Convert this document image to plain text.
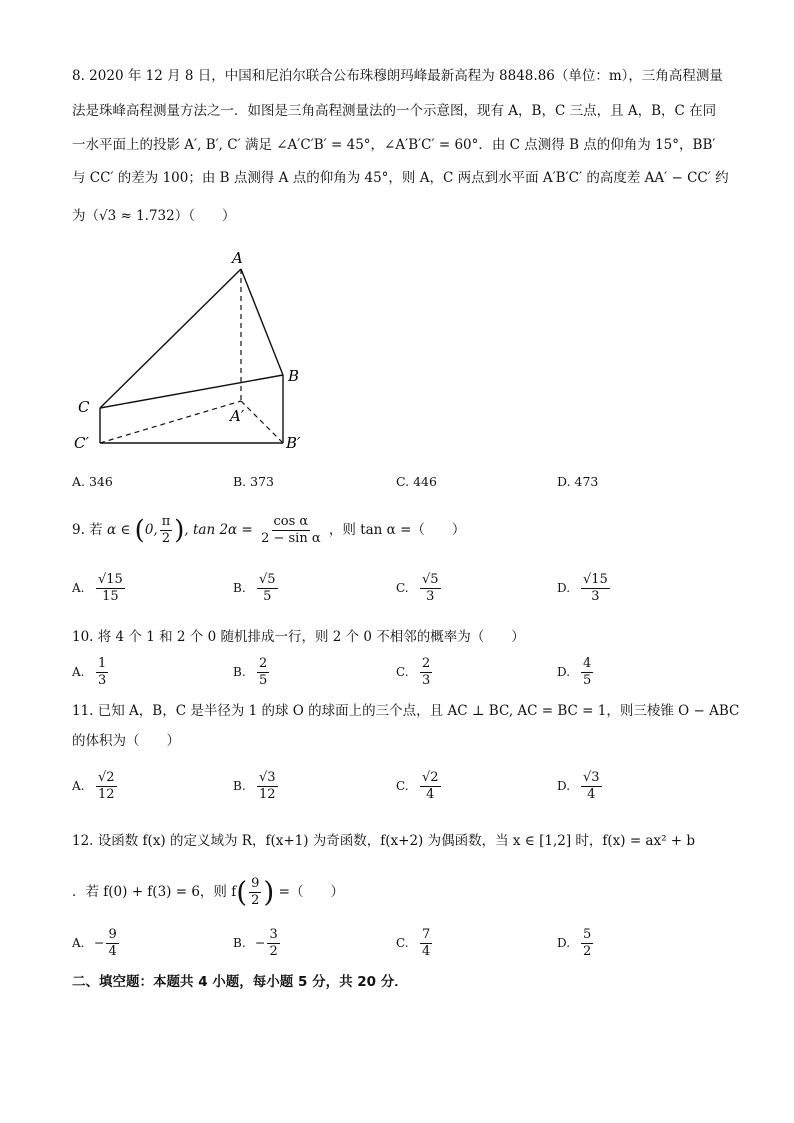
8. 2020 年 12 月 8 日，中国和尼泊尔联合公布珠穆朗玛峰最新高程为 8848.86（单位：m），三角高程测量
法是珠峰高程测量方法之一．如图是三角高程测量法的一个示意图，现有 A，B，C 三点，且 A，B，C 在同
一水平面上的投影 A′, B′, C′ 满足 ∠A′C′B′ = 45°，∠A′B′C′ = 60°．由 C 点测得 B 点的仰角为 15°，BB′
与 CC′ 的差为 100；由 B 点测得 A 点的仰角为 45°，则 A，C 两点到水平面 A′B′C′ 的高度差 AA′ − CC′ 约
为（√3 ≈ 1.732）（　　）
A
B
C	A′
B′
C′
A. 346	B. 373	C. 446	D. 473
9. 若 α ∈ (0, $\frac{\pi}{2}$ ), $\tan 2\alpha = \frac{\text{cos α}}{\text{2 − sin α}}$ ，则 tan α =（　　）
A. $\frac{√15}{15}$	B. $\frac{√5}{5}$	C. $\frac{√5}{3}$	D. $\frac{√15}{3}$
10. 将 4 个 1 和 2 个 0 随机排成一行，则 2 个 0 不相邻的概率为（　　）
A. $\frac{1}{3}$	B. $\frac{2}{5}$	C. $\frac{2}{3}$	D. $\frac{4}{5}$
11. 已知 A，B，C 是半径为 1 的球 O 的球面上的三个点，且 AC ⊥ BC, AC = BC = 1，则三棱锥 O − ABC
的体积为（　　）
A. $\frac{√2}{12}$	B. $\frac{√3}{12}$	C. $\frac{√2}{4}$	D. $\frac{√3}{4}$
12. 设函数 f(x) 的定义域为 R，f(x+1) 为奇函数，f(x+2) 为偶函数，当 x ∈ [1,2] 时，f(x) = ax² + b
．若 f(0) + f(3) = 6，则 $f( \frac{9}{2}$ ) =（　　）
A. − $\frac{9}{4}$	B. − $\frac{3}{2}$	C. $\frac{7}{4}$	D. $\frac{5}{2}$
二、填空题：本题共 4 小题，每小题 5 分，共 20 分．
